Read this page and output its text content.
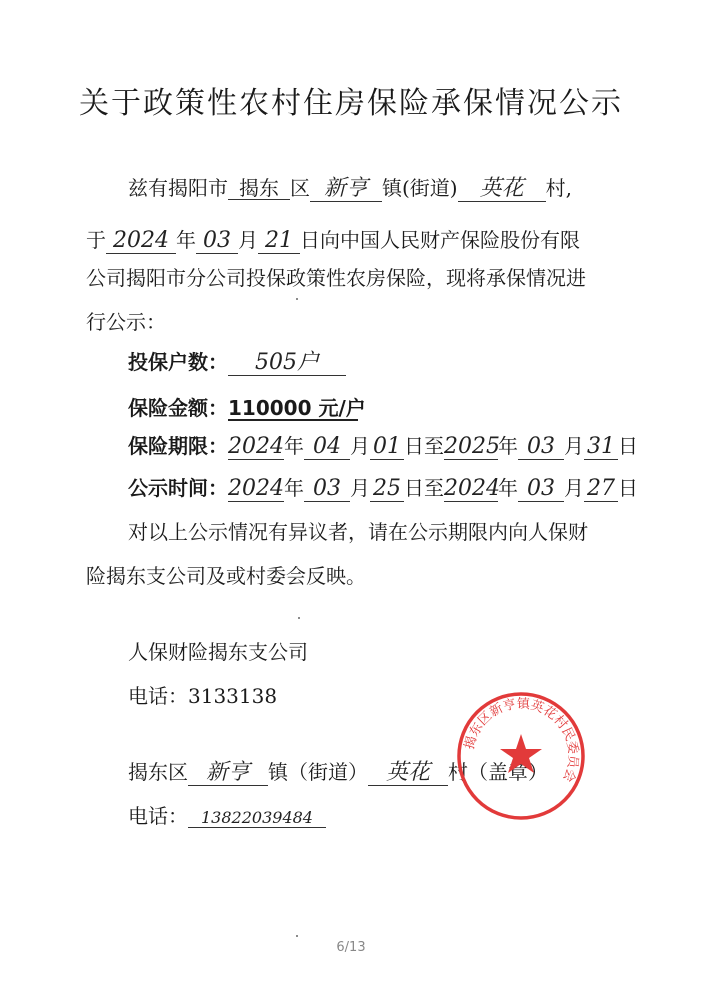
关于政策性农村住房保险承保情况公示
兹有揭阳市 揭东 区 新亨 镇(街道) 英花 村,
于 2024 年 03 月 21 日向中国人民财产保险股份有限
公司揭阳市分公司投保政策性农房保险，现将承保情况进
行公示：
投保户数： 505户
保险金额：110000 元/户
保险期限：2024年 04 月 01 日至2025年 03 月 31 日
公示时间：2024年 03 月 25 日至2024年 03 月 27 日
对以上公示情况有异议者，请在公示期限内向人保财
险揭东支公司及或村委会反映。
人保财险揭东支公司
电话：3133138
揭东区 新亨 镇（街道） 英花 村（盖章）
电话： 13822039484
揭东区新亨镇英花村民委员会
6/13
